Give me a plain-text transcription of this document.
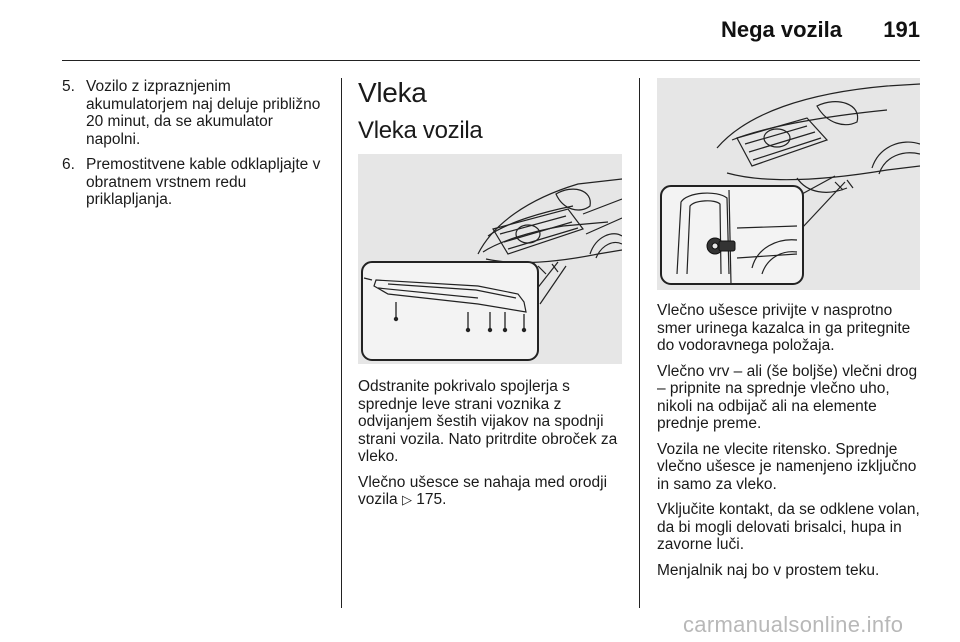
Nega vozila 191
5. Vozilo z izpraznjenim akumulatorjem naj deluje približno 20 minut, da se akumulator napolni.
6. Premostitvene kable odklapljajte v obratnem vrstnem redu priklapljanja.
Vleka
Vleka vozila

Odstranite pokrivalo spojlerja s sprednje leve strani voznika z odvijanjem šestih vijakov na spodnji strani vozila. Nato pritrdite obroček za vleko.

Vlečno ušesce se nahaja med orodji vozila ▷ 175.

Vlečno ušesce privijte v nasprotno smer urinega kazalca in ga pritegnite do vodoravnega položaja.

Vlečno vrv – ali (še boljše) vlečni drog – pripnite na sprednje vlečno uho, nikoli na odbijač ali na elemente prednje preme.

Vozila ne vlecite ritensko. Sprednje vlečno ušesce je namenjeno izključno in samo za vleko.

Vključite kontakt, da se odklene volan, da bi mogli delovati brisalci, hupa in zavorne luči.

Menjalnik naj bo v prostem teku.

carmanualsonline.info
